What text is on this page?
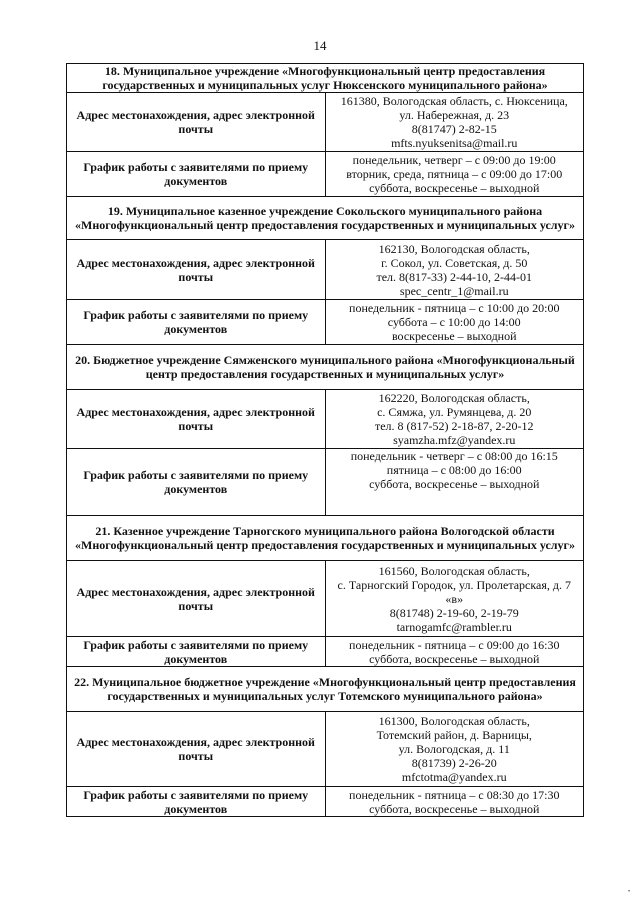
14
18. Муниципальное учреждение «Многофункциональный центр предоставления государственных и муниципальных услуг Нюксенского муниципального района»	
Адрес местонахождения, адрес электронной почты	161380, Вологодская область, с. Нюксеница,
ул. Набережная, д. 23
8(81747) 2-82-15
mfts.nyuksenitsa@mail.ru

График работы с заявителями по приему документов	понедельник, четверг – с 09:00 до 19:00
вторник, среда, пятница – с 09:00 до 17:00
суббота, воскресенье – выходной

19. Муниципальное казенное учреждение Сокольского муниципального района «Многофункциональный центр предоставления государственных и муниципальных услуг»	
Адрес местонахождения, адрес электронной почты	162130, Вологодская область,
г. Сокол, ул. Советская, д. 50
тел. 8(817-33) 2-44-10, 2-44-01
spec_centr_1@mail.ru

График работы с заявителями по приему документов	понедельник - пятница – с 10:00 до 20:00
суббота – с 10:00 до 14:00
воскресенье – выходной

20. Бюджетное учреждение Сямженского муниципального района «Многофункциональный центр предоставления государственных и муниципальных услуг»	
Адрес местонахождения, адрес электронной почты	162220, Вологодская область,
с. Сямжа, ул. Румянцева, д. 20
тел. 8 (817-52) 2-18-87, 2-20-12
syamzha.mfz@yandex.ru

График работы с заявителями по приему документов	понедельник - четверг – с 08:00 до 16:15
пятница – с 08:00 до 16:00
суббота, воскресенье – выходной

21. Казенное учреждение Тарногского муниципального района Вологодской области «Многофункциональный центр предоставления государственных и муниципальных услуг»	
Адрес местонахождения, адрес электронной почты	161560, Вологодская область,
с. Тарногский Городок, ул. Пролетарская, д. 7
«в»
8(81748) 2-19-60, 2-19-79
tarnogamfc@rambler.ru

График работы с заявителями по приему документов	понедельник - пятница – с 09:00 до 16:30
суббота, воскресенье – выходной

22. Муниципальное бюджетное учреждение «Многофункциональный центр предоставления государственных и муниципальных услуг Тотемского муниципального района»	
Адрес местонахождения, адрес электронной почты	161300, Вологодская область,
Тотемский район, д. Варницы,
ул. Вологодская, д. 11
8(81739) 2-26-20
mfctotma@yandex.ru

График работы с заявителями по приему документов	понедельник - пятница – с 08:30 до 17:30
суббота, воскресенье – выходной
•
